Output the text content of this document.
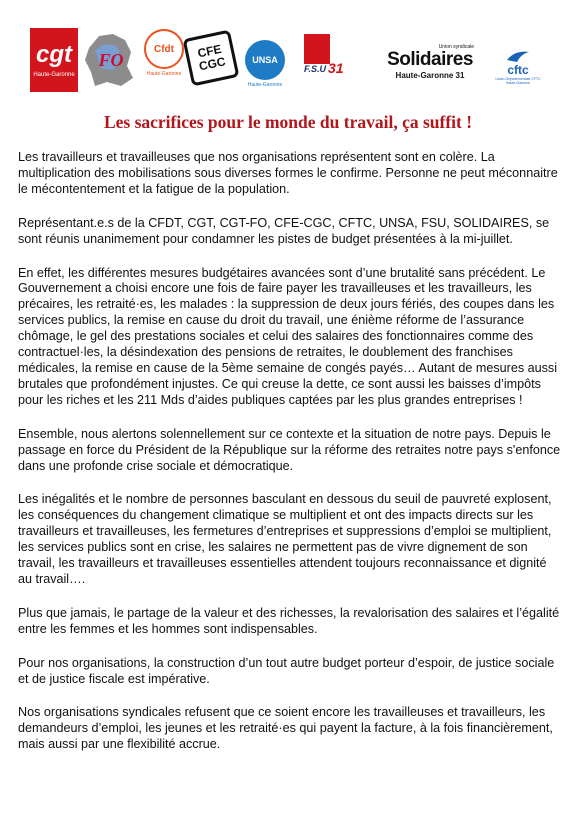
cgt
Haute-Garonne
FO
Cfdt
Haute-Garonne
CFE CGC	UNSA
Haute-Garonne
F.S.U 31
Union syndicale
Solidaires
Haute-Garonne 31	cftc
Union Départementale CFTC Haute-Garonne
Les sacrifices pour le monde du travail, ça suffit !

Les travailleurs et travailleuses que nos organisations représentent sont en colère. La multiplication des mobilisations sous diverses formes le confirme. Personne ne peut méconnaitre le mécontentement et la fatigue de la population.

Représentant.e.s de la CFDT, CGT, CGT-FO, CFE-CGC, CFTC, UNSA, FSU, SOLIDAIRES, se sont réunis unanimement pour condamner les pistes de budget présentées à la mi-juillet.

En effet, les différentes mesures budgétaires avancées sont d’une brutalité sans précédent. Le Gouvernement a choisi encore une fois de faire payer les travailleuses et les travailleurs, les précaires, les retraité·es, les malades : la suppression de deux jours fériés, des coupes dans les services publics, la remise en cause du droit du travail, une énième réforme de l’assurance chômage, le gel des prestations sociales et celui des salaires des fonctionnaires comme des contractuel·les, la désindexation des pensions de retraites, le doublement des franchises médicales, la remise en cause de la 5ème semaine de congés payés… Autant de mesures aussi brutales que profondément injustes. Ce qui creuse la dette, ce sont aussi les baisses d’impôts pour les riches et les 211 Mds d’aides publiques captées par les plus grandes entreprises !

Ensemble, nous alertons solennellement sur ce contexte et la situation de notre pays. Depuis le passage en force du Président de la République sur la réforme des retraites notre pays s'enfonce dans une profonde crise sociale et démocratique.

Les inégalités et le nombre de personnes basculant en dessous du seuil de pauvreté explosent, les conséquences du changement climatique se multiplient et ont des impacts directs sur les travailleurs et travailleuses, les fermetures d’entreprises et suppressions d’emploi se multiplient, les services publics sont en crise, les salaires ne permettent pas de vivre dignement de son travail, les travailleurs et travailleuses essentielles attendent toujours reconnaissance et dignité au travail….

Plus que jamais, le partage de la valeur et des richesses, la revalorisation des salaires et l’égalité entre les femmes et les hommes sont indispensables.

Pour nos organisations, la construction d’un tout autre budget porteur d’espoir, de justice sociale et de justice fiscale est impérative.

Nos organisations syndicales refusent que ce soient encore les travailleuses et travailleurs, les demandeurs d’emploi, les jeunes et les retraité·es qui payent la facture, à la fois financièrement, mais aussi par une flexibilité accrue.
